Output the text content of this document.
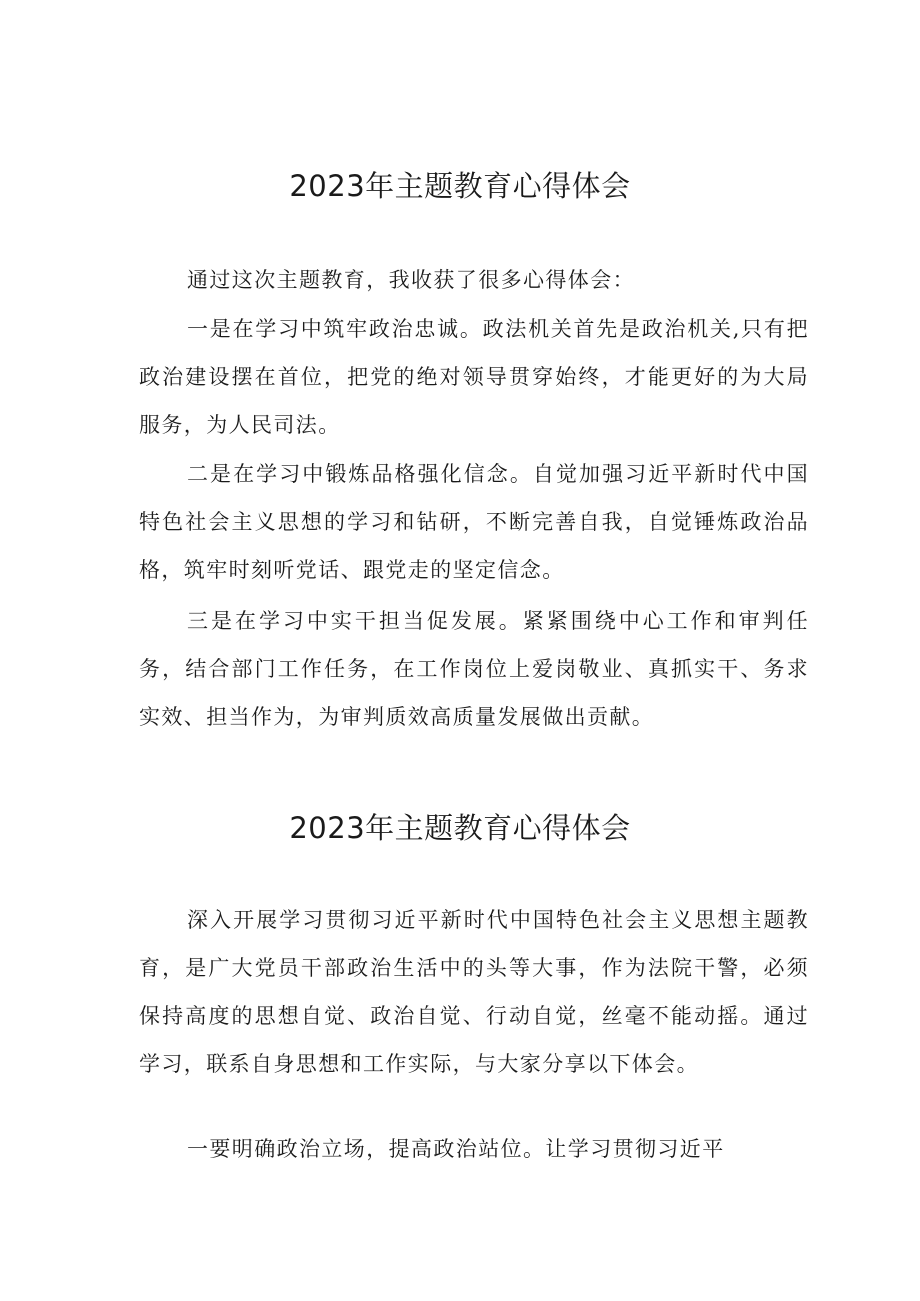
2023年主题教育心得体会

通过这次主题教育，我收获了很多心得体会：

一是在学习中筑牢政治忠诚。政法机关首先是政治机关,只有把政治建设摆在首位，把党的绝对领导贯穿始终，才能更好的为大局服务，为人民司法。

二是在学习中锻炼品格强化信念。自觉加强习近平新时代中国特色社会主义思想的学习和钻研，不断完善自我，自觉锤炼政治品格，筑牢时刻听党话、跟党走的坚定信念。

三是在学习中实干担当促发展。紧紧围绕中心工作和审判任务，结合部门工作任务，在工作岗位上爱岗敬业、真抓实干、务求实效、担当作为，为审判质效高质量发展做出贡献。

2023年主题教育心得体会

深入开展学习贯彻习近平新时代中国特色社会主义思想主题教育，是广大党员干部政治生活中的头等大事，作为法院干警，必须保持高度的思想自觉、政治自觉、行动自觉，丝毫不能动摇。通过学习，联系自身思想和工作实际，与大家分享以下体会。

一要明确政治立场，提高政治站位。让学习贯彻习近平
